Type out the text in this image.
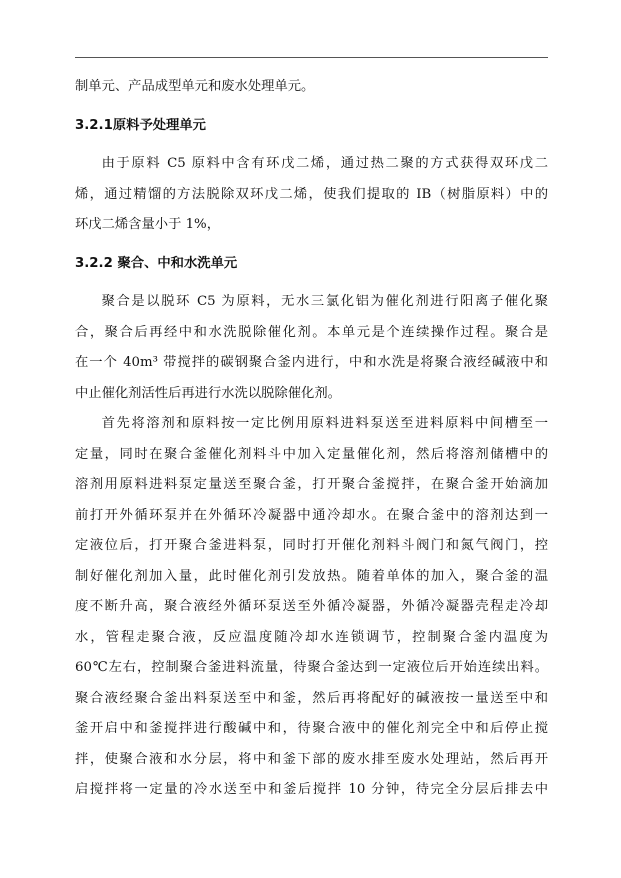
制单元、产品成型单元和废水处理单元。
3.2.1原料予处理单元
由于原料 C5 原料中含有环戊二烯，通过热二聚的方式获得双环戊二
烯，通过精馏的方法脱除双环戊二烯，使我们提取的 IB（树脂原料）中的
环戊二烯含量小于 1%，
3.2.2 聚合、中和水洗单元
聚合是以脱环 C5 为原料，无水三氯化铝为催化剂进行阳离子催化聚
合，聚合后再经中和水洗脱除催化剂。本单元是个连续操作过程。聚合是
在一个 40m³ 带搅拌的碳钢聚合釜内进行，中和水洗是将聚合液经碱液中和
中止催化剂活性后再进行水洗以脱除催化剂。
首先将溶剂和原料按一定比例用原料进料泵送至进料原料中间槽至一
定量，同时在聚合釜催化剂料斗中加入定量催化剂，然后将溶剂储槽中的
溶剂用原料进料泵定量送至聚合釜，打开聚合釜搅拌，在聚合釜开始滴加
前打开外循环泵并在外循环冷凝器中通冷却水。在聚合釜中的溶剂达到一
定液位后，打开聚合釜进料泵，同时打开催化剂料斗阀门和氮气阀门，控
制好催化剂加入量，此时催化剂引发放热。随着单体的加入，聚合釜的温
度不断升高，聚合液经外循环泵送至外循冷凝器，外循冷凝器壳程走冷却
水，管程走聚合液，反应温度随冷却水连锁调节，控制聚合釜内温度为
60℃左右，控制聚合釜进料流量，待聚合釜达到一定液位后开始连续出料。
聚合液经聚合釜出料泵送至中和釜，然后再将配好的碱液按一量送至中和
釜开启中和釜搅拌进行酸碱中和，待聚合液中的催化剂完全中和后停止搅
拌，使聚合液和水分层，将中和釜下部的废水排至废水处理站，然后再开
启搅拌将一定量的冷水送至中和釜后搅拌 10 分钟，待完全分层后排去中
